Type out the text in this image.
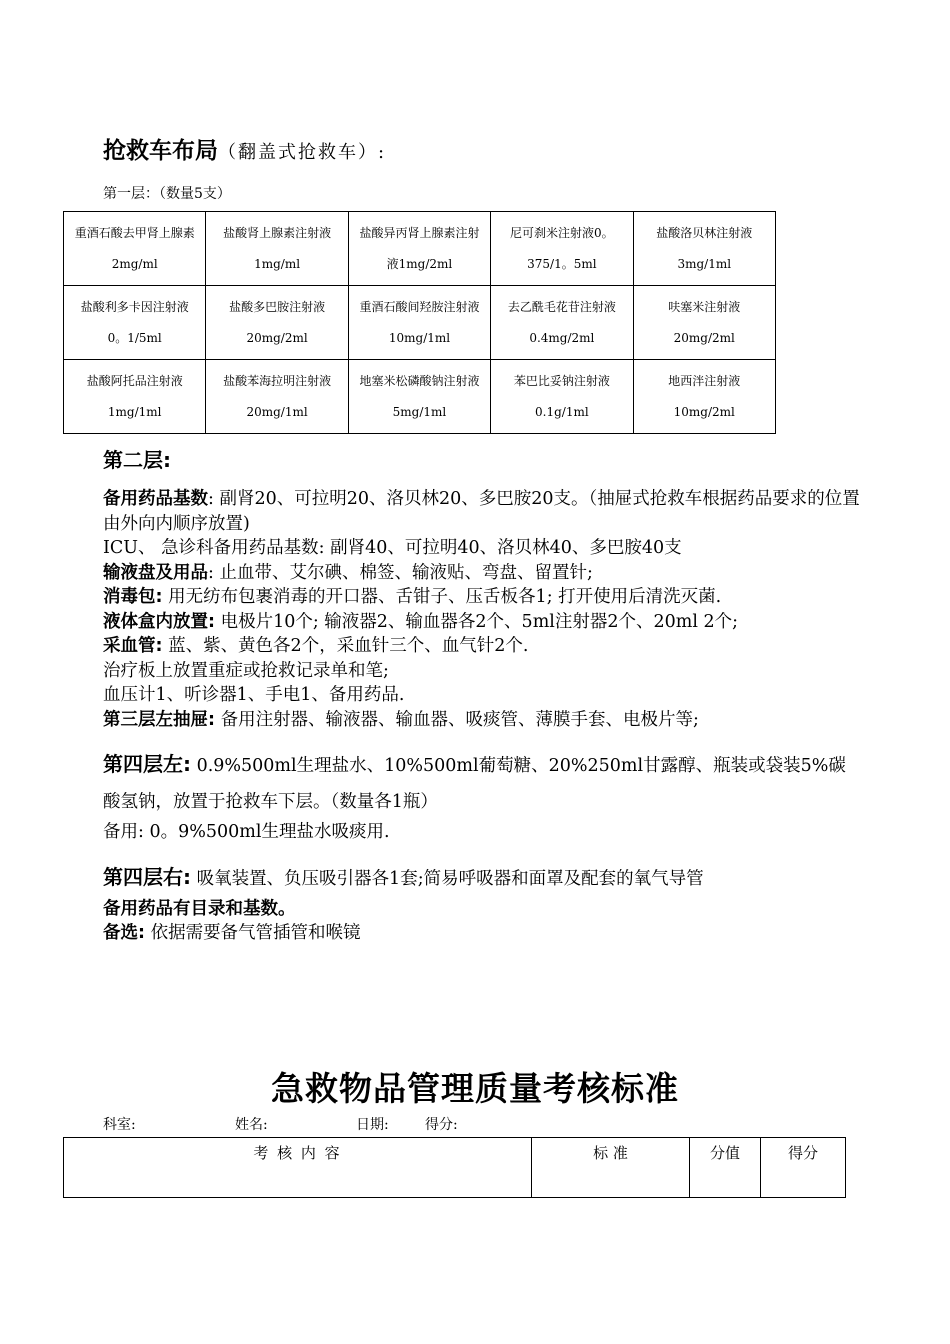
抢救车布局（翻盖式抢救车）:

第一层：（数量5支）

重酒石酸去甲肾上腺素2mg/ml	盐酸肾上腺素注射液1mg/ml	盐酸异丙肾上腺素注射液1mg/2ml	尼可刹米注射液0。375/1。5ml	盐酸洛贝林注射液3mg/1ml
盐酸利多卡因注射液0。1/5ml	盐酸多巴胺注射液20mg/2ml	重酒石酸间羟胺注射液10mg/1ml	去乙酰毛花苷注射液0.4mg/2ml	呋塞米注射液20mg/2ml
盐酸阿托品注射液1mg/1ml	盐酸苯海拉明注射液20mg/1ml	地塞米松磷酸钠注射液5mg/1ml	苯巴比妥钠注射液0.1g/1ml	地西泮注射液10mg/2ml

第二层:

备用药品基数: 副肾20、可拉明20、洛贝林20、多巴胺20支。（抽屉式抢救车根据药品要求的位置由外向内顺序放置)

ICU、 急诊科备用药品基数: 副肾40、可拉明40、洛贝林40、多巴胺40支

输液盘及用品: 止血带、艾尔碘、棉签、输液贴、弯盘、留置针;

消毒包: 用无纺布包裹消毒的开口器、舌钳子、压舌板各1; 打开使用后清洗灭菌.

液体盒内放置: 电极片10个; 输液器2、输血器各2个、5ml注射器2个、20ml 2个;

采血管: 蓝、紫、黄色各2个，采血针三个、血气针2个.

治疗板上放置重症或抢救记录单和笔;

血压计1、听诊器1、手电1、备用药品.

第三层左抽屉: 备用注射器、输液器、输血器、吸痰管、薄膜手套、电极片等;

第四层左: 0.9%500ml生理盐水、10%500ml葡萄糖、20%250ml甘露醇、瓶装或袋装5%碳酸氢钠，放置于抢救车下层。（数量各1瓶）

备用: 0。9%500ml生理盐水吸痰用.

第四层右: 吸氧装置、负压吸引器各1套;简易呼吸器和面罩及配套的氧气导管

备用药品有目录和基数。

备选: 依据需要备气管插管和喉镜

急救物品管理质量考核标准

科室:	姓名:	日期:	得分:

考 核 内 容	标 准	分值	得分
